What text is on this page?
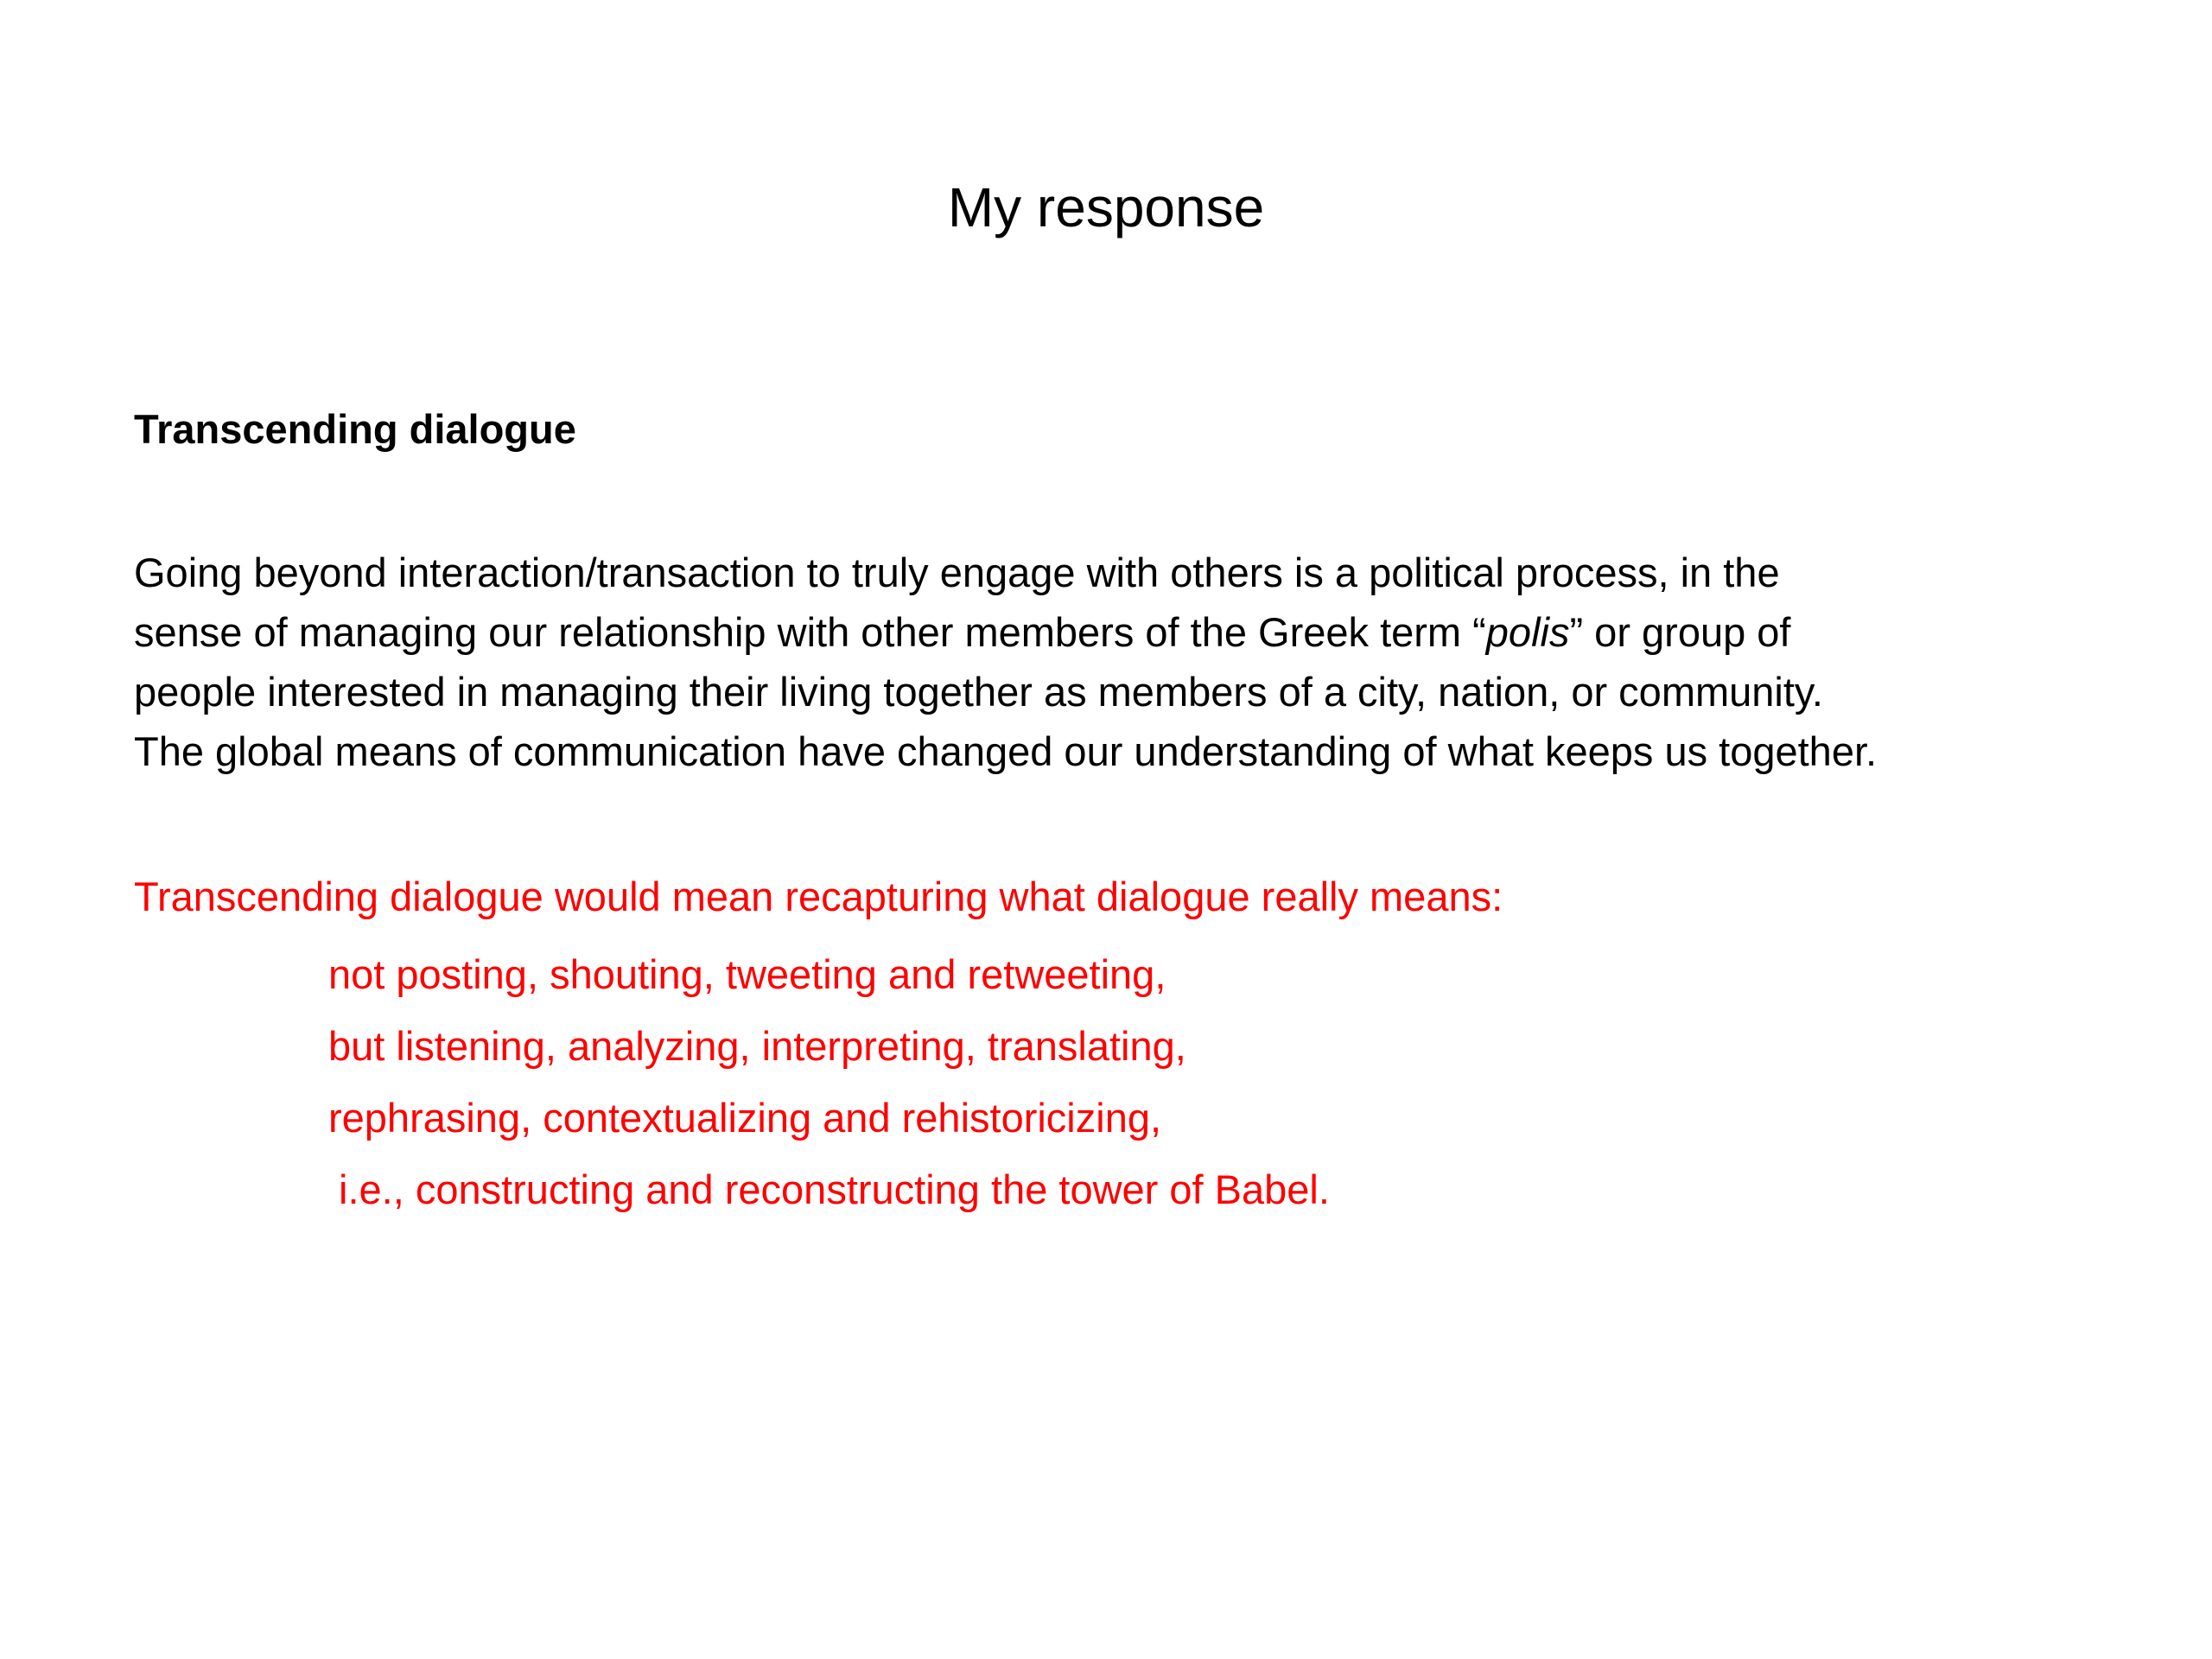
My response
Transcending dialogue
Going beyond interaction/transaction to truly engage with others is a political process, in the
sense of managing our relationship with other members of the Greek term “polis” or group of
people interested in managing their living together as members of a city, nation, or community.
The global means of communication have changed our understanding of what keeps us together.
Transcending dialogue would mean recapturing what dialogue really means:
not posting, shouting, tweeting and retweeting,
but listening, analyzing, interpreting, translating,
rephrasing, contextualizing and rehistoricizing,
i.e., constructing and reconstructing the tower of Babel.
